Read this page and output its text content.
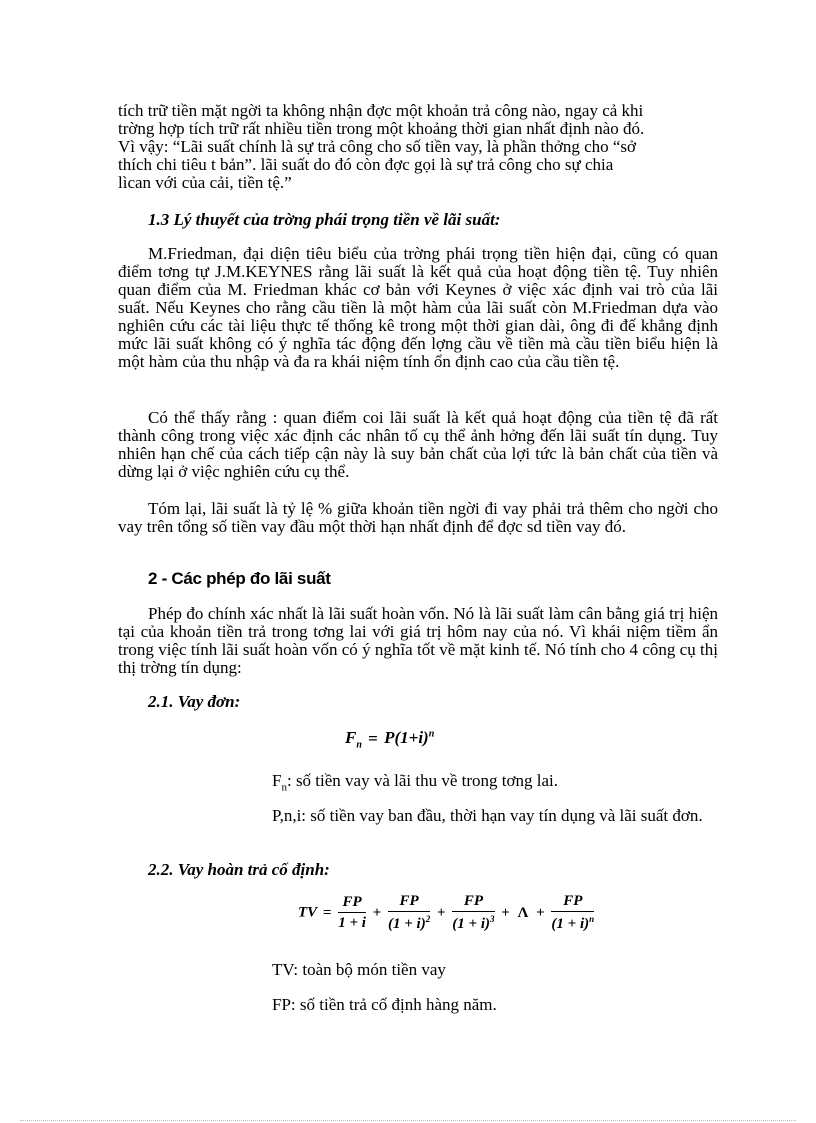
tích trữ tiền mặt ngời ta không nhận đợc một khoản trả công nào, ngay cả khi
trờng hợp tích trữ rất nhiều tiền trong một khoảng thời gian nhất định nào đó.
Vì vậy: “Lãi suất chính là sự trả công cho số tiền vay, là phần thởng cho “sở
thích chi tiêu t bản”. lãi suất do đó còn đợc gọi là sự trả công cho sự chia
lìcan với của cải, tiền tệ.”
1.3 Lý thuyết của trờng phái trọng tiền về lãi suất:
M.Friedman, đại diện tiêu biểu của trờng phái trọng tiền hiện đại, cũng có quan điểm tơng tự J.M.KEYNES rằng lãi suất là kết quả của hoạt động tiền tệ. Tuy nhiên quan điểm của M. Friedman khác cơ bản với Keynes ở việc xác định vai trò của lãi suất. Nếu Keynes cho rằng cầu tiền là một hàm của lãi suất còn M.Friedman dựa vào nghiên cứu các tài liệu thực tế thống kê trong một thời gian dài, ông đi đế khẳng định mức lãi suất không có ý nghĩa tác động đến lợng cầu về tiền mà cầu tiền biểu hiện là một hàm của thu nhập và đa ra khái niệm tính ổn định cao của cầu tiền tệ.
Có thể thấy rằng : quan điểm coi lãi suất là kết quả hoạt động của tiền tệ đã rất thành công trong việc xác định các nhân tố cụ thể ảnh hởng đến lãi suất tín dụng. Tuy nhiên hạn chế của cách tiếp cận này là suy bản chất của lợi tức là bản chất của tiền và dừng lại ở việc nghiên cứu cụ thể.
Tóm lại, lãi suất là tỷ lệ % giữa khoản tiền ngời đi vay phải trả thêm cho ngời cho vay trên tổng số tiền vay đầu một thời hạn nhất định để đợc sd tiền vay đó.
2 - Các phép đo lãi suất
Phép đo chính xác nhất là lãi suất hoàn vốn. Nó là lãi suất làm cân bằng giá trị hiện tại của khoản tiền trả trong tơng lai với giá trị hôm nay của nó. Vì khái niệm tiềm ẩn trong việc tính lãi suất hoàn vốn có ý nghĩa tốt về mặt kinh tế. Nó tính cho 4 công cụ thị thị trờng tín dụng:
2.1. Vay đơn:
$F_n = P(1+i)^n$
$F_n$: số tiền vay và lãi thu về trong tơng lai.
P,n,i: số tiền vay ban đầu, thời hạn vay tín dụng và lãi suất đơn.
2.2. Vay hoàn trả cố định:
TV = $\frac{FP}{1 + i} + \frac{FP}{(1 + i)^2} + \frac{FP}{(1 + i)^3} + \Lambda + \frac{FP}{(1 + i)^n}$
TV: toàn bộ món tiền vay
FP: số tiền trả cố định hàng năm.
